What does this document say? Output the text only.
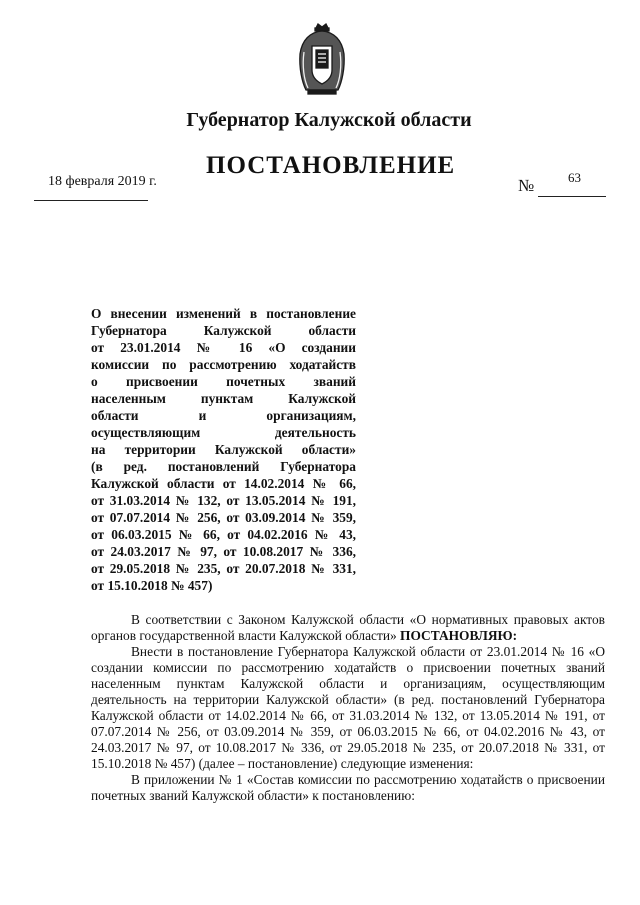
Губернатор Калужской области
ПОСТАНОВЛЕНИЕ
18 февраля 2019 г.	№	63
О внесении изменений в постановление
Губернатора Калужской области
от 23.01.2014 № 16 «О создании
комиссии по рассмотрению ходатайств
о присвоении почетных званий
населенным пунктам Калужской
области и организациям,
осуществляющим деятельность
на территории Калужской области»
(в ред. постановлений Губернатора
Калужской области от 14.02.2014 № 66,
от 31.03.2014 № 132, от 13.05.2014 № 191,
от 07.07.2014 № 256, от 03.09.2014 № 359,
от 06.03.2015 № 66, от 04.02.2016 № 43,
от 24.03.2017 № 97, от 10.08.2017 № 336,
от 29.05.2018 № 235, от 20.07.2018 № 331,
от 15.10.2018 № 457)

В соответствии с Законом Калужской области «О нормативных правовых актов органов государственной власти Калужской области» ПОСТАНОВЛЯЮ:

Внести в постановление Губернатора Калужской области от 23.01.2014 № 16 «О создании комиссии по рассмотрению ходатайств о присвоении почетных званий населенным пунктам Калужской области и организациям, осуществляющим деятельность на территории Калужской области» (в ред. постановлений Губернатора Калужской области от 14.02.2014 № 66, от 31.03.2014 № 132, от 13.05.2014 № 191, от 07.07.2014 № 256, от 03.09.2014 № 359, от 06.03.2015 № 66, от 04.02.2016 № 43, от 24.03.2017 № 97, от 10.08.2017 № 336, от 29.05.2018 № 235, от 20.07.2018 № 331, от 15.10.2018 № 457) (далее – постановление) следующие изменения:

В приложении № 1 «Состав комиссии по рассмотрению ходатайств о присвоении почетных званий Калужской области» к постановлению:
